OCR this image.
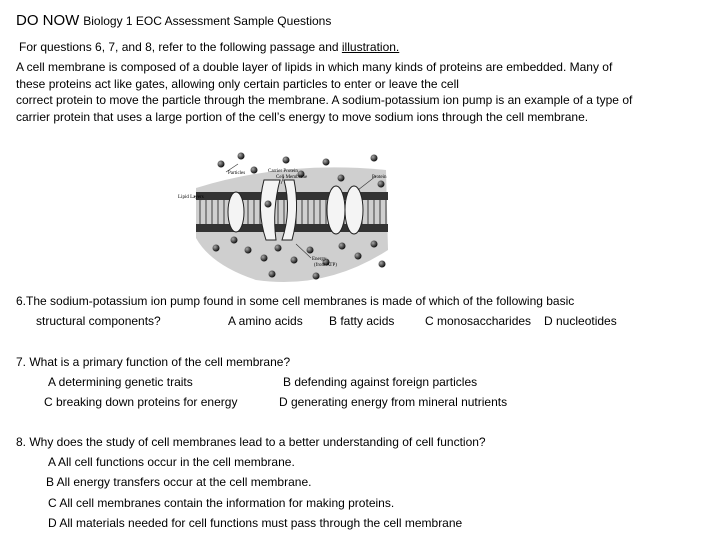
DO NOW Biology 1 EOC Assessment Sample Questions
For questions 6, 7, and 8, refer to the following passage and illustration.
A cell membrane is composed of a double layer of lipids in which many kinds of proteins are embedded. Many of
these proteins act like gates, allowing only certain particles to enter or leave the cell
correct protein to move the particle through the membrane. A sodium-potassium ion pump is an example of a type of
carrier protein that uses a large portion of the cell’s energy to move sodium ions through the cell membrane.
Particles	Carrier Protein
Cell Membrane	Protein
Lipid Layers
Energy
(from ATP)
6.The sodium-potassium ion pump found in some cell membranes is made of which of the following basic
structural components?	A amino acids B fatty acids	C monosaccharides D nucleotides
7. What is a primary function of the cell membrane?
A determining genetic traits	B defending against foreign particles
C breaking down proteins for energy	D generating energy from mineral nutrients
8. Why does the study of cell membranes lead to a better understanding of cell function?
A All cell functions occur in the cell membrane.
B All energy transfers occur at the cell membrane.
C All cell membranes contain the information for making proteins.
D All materials needed for cell functions must pass through the cell membrane
